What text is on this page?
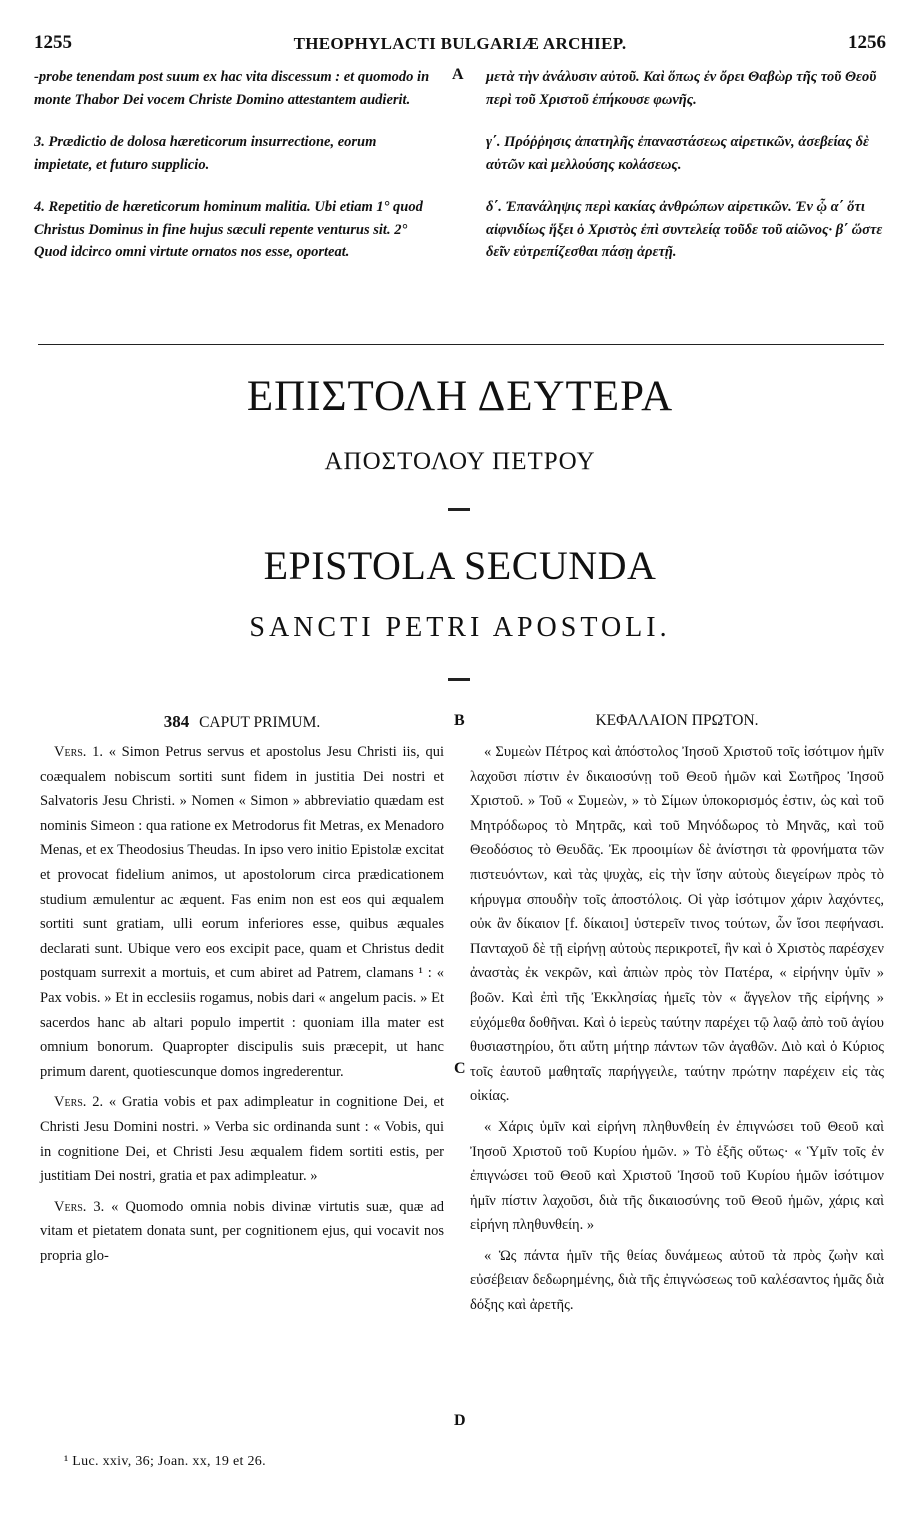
1255	THEOPHYLACTI BULGARIÆ ARCHIEP.	1256
-probe tenendam post suum ex hac vita discessum : et quomodo in monte Thabor Dei vocem Christe Domino attestantem audierit.
3. Prædictio de dolosa hæreticorum insurrectione, eorum impietate, et futuro supplicio.
4. Repetitio de hæreticorum hominum malitia. Ubi etiam 1° quod Christus Dominus in fine hujus sæculi repente venturus sit. 2° Quod idcirco omni virtute ornatos nos esse, oporteat.
μετὰ τὴν ἀνάλυσιν αὐτοῦ. Καὶ ὅπως ἐν ὄρει Θαβὼρ τῆς τοῦ Θεοῦ περὶ τοῦ Χριστοῦ ἐπήκουσε φωνῆς.
γ΄. Πρόῤῥησις ἀπατηλῆς ἐπαναστάσεως αἱρετικῶν, ἀσεβείας δὲ αὐτῶν καὶ μελλούσης κολάσεως.
δ΄. Ἐπανάληψις περὶ κακίας ἀνθρώπων αἱρετικῶν. Ἐν ᾧ α΄ ὅτι αἰφνιδίως ἥξει ὁ Χριστὸς ἐπὶ συντελείᾳ τοῦδε τοῦ αἰῶνος· β΄ ὥστε δεῖν εὐτρεπίζεσθαι πάσῃ ἀρετῇ.
A
ΕΠΙΣΤΟΛΗ ΔΕΥΤΕΡΑ
ΑΠΟΣΤΟΛΟΥ ΠΕΤΡΟΥ
EPISTOLA SECUNDA
SANCTI PETRI APOSTOLI.
384 CAPUT PRIMUM.	ΚΕΦΑΛΑΙΟΝ ΠΡΩΤΟΝ.
B
C
D

Vers. 1. « Simon Petrus servus et apostolus Jesu Christi iis, qui coæqualem nobiscum sortiti sunt fidem in justitia Dei nostri et Salvatoris Jesu Christi. » Nomen « Simon » abbreviatio quædam est nominis Simeon : qua ratione ex Metrodorus fit Metras, ex Menadoro Menas, et ex Theodosius Theudas. In ipso vero initio Epistolæ excitat et provocat fidelium animos, ut apostolorum circa prædicationem studium æmulentur ac æquent. Fas enim non est eos qui æqualem sortiti sunt gratiam, ulli eorum inferiores esse, quibus æquales declarati sunt. Ubique vero eos excipit pace, quam et Christus dedit postquam surrexit a mortuis, et cum abiret ad Patrem, clamans ¹ : « Pax vobis. » Et in ecclesiis rogamus, nobis dari « angelum pacis. » Et sacerdos hanc ab altari populo impertit : quoniam illa mater est omnium bonorum. Quapropter discipulis suis præcepit, ut hanc primum darent, quotiescunque domos ingrederentur.

Vers. 2. « Gratia vobis et pax adimpleatur in cognitione Dei, et Christi Jesu Domini nostri. » Verba sic ordinanda sunt : « Vobis, qui in cognitione Dei, et Christi Jesu æqualem fidem sortiti estis, per justitiam Dei nostri, gratia et pax adimpleatur. »

Vers. 3. « Quomodo omnia nobis divinæ virtutis suæ, quæ ad vitam et pietatem donata sunt, per cognitionem ejus, qui vocavit nos propria glo-

« Συμεὼν Πέτρος καὶ ἀπόστολος Ἰησοῦ Χριστοῦ τοῖς ἰσότιμον ἡμῖν λαχοῦσι πίστιν ἐν δικαιοσύνῃ τοῦ Θεοῦ ἡμῶν καὶ Σωτῆρος Ἰησοῦ Χριστοῦ. » Τοῦ « Συμεὼν, » τὸ Σίμων ὑποκορισμός ἐστιν, ὡς καὶ τοῦ Μητρόδωρος τὸ Μητρᾶς, καὶ τοῦ Μηνόδωρος τὸ Μηνᾶς, καὶ τοῦ Θεοδόσιος τὸ Θευδᾶς. Ἐκ προοιμίων δὲ ἀνίστησι τὰ φρονήματα τῶν πιστευόντων, καὶ τὰς ψυχὰς, εἰς τὴν ἴσην αὐτοὺς διεγείρων πρὸς τὸ κήρυγμα σπουδὴν τοῖς ἀποστόλοις. Οἱ γὰρ ἰσότιμον χάριν λαχόντες, οὐκ ἂν δίκαιον [f. δίκαιοι] ὑστερεῖν τινος τούτων, ὧν ἴσοι πεφήνασι. Πανταχοῦ δὲ τῇ εἰρήνῃ αὐτοὺς περικροτεῖ, ἣν καὶ ὁ Χριστὸς παρέσχεν ἀναστὰς ἐκ νεκρῶν, καὶ ἀπιὼν πρὸς τὸν Πατέρα, « εἰρήνην ὑμῖν » βοῶν. Καὶ ἐπὶ τῆς Ἐκκλησίας ἡμεῖς τὸν « ἄγγελον τῆς εἰρήνης » εὐχόμεθα δοθῆναι. Καὶ ὁ ἱερεὺς ταύτην παρέχει τῷ λαῷ ἀπὸ τοῦ ἁγίου θυσιαστηρίου, ὅτι αὕτη μήτηρ πάντων τῶν ἀγαθῶν. Διὸ καὶ ὁ Κύριος τοῖς ἑαυτοῦ μαθηταῖς παρήγγειλε, ταύτην πρώτην παρέχειν εἰς τὰς οἰκίας.

« Χάρις ὑμῖν καὶ εἰρήνη πληθυνθείη ἐν ἐπιγνώσει τοῦ Θεοῦ καὶ Ἰησοῦ Χριστοῦ τοῦ Κυρίου ἡμῶν. » Τὸ ἑξῆς οὕτως· « Ὑμῖν τοῖς ἐν ἐπιγνώσει τοῦ Θεοῦ καὶ Χριστοῦ Ἰησοῦ τοῦ Κυρίου ἡμῶν ἰσότιμον ἡμῖν πίστιν λαχοῦσι, διὰ τῆς δικαιοσύνης τοῦ Θεοῦ ἡμῶν, χάρις καὶ εἰρήνη πληθυνθείη. »

« Ὡς πάντα ἡμῖν τῆς θείας δυνάμεως αὐτοῦ τὰ πρὸς ζωὴν καὶ εὐσέβειαν δεδωρημένης, διὰ τῆς ἐπιγνώσεως τοῦ καλέσαντος ἡμᾶς διὰ δόξης καὶ ἀρετῆς.

¹ Luc. xxiv, 36; Joan. xx, 19 et 26.
